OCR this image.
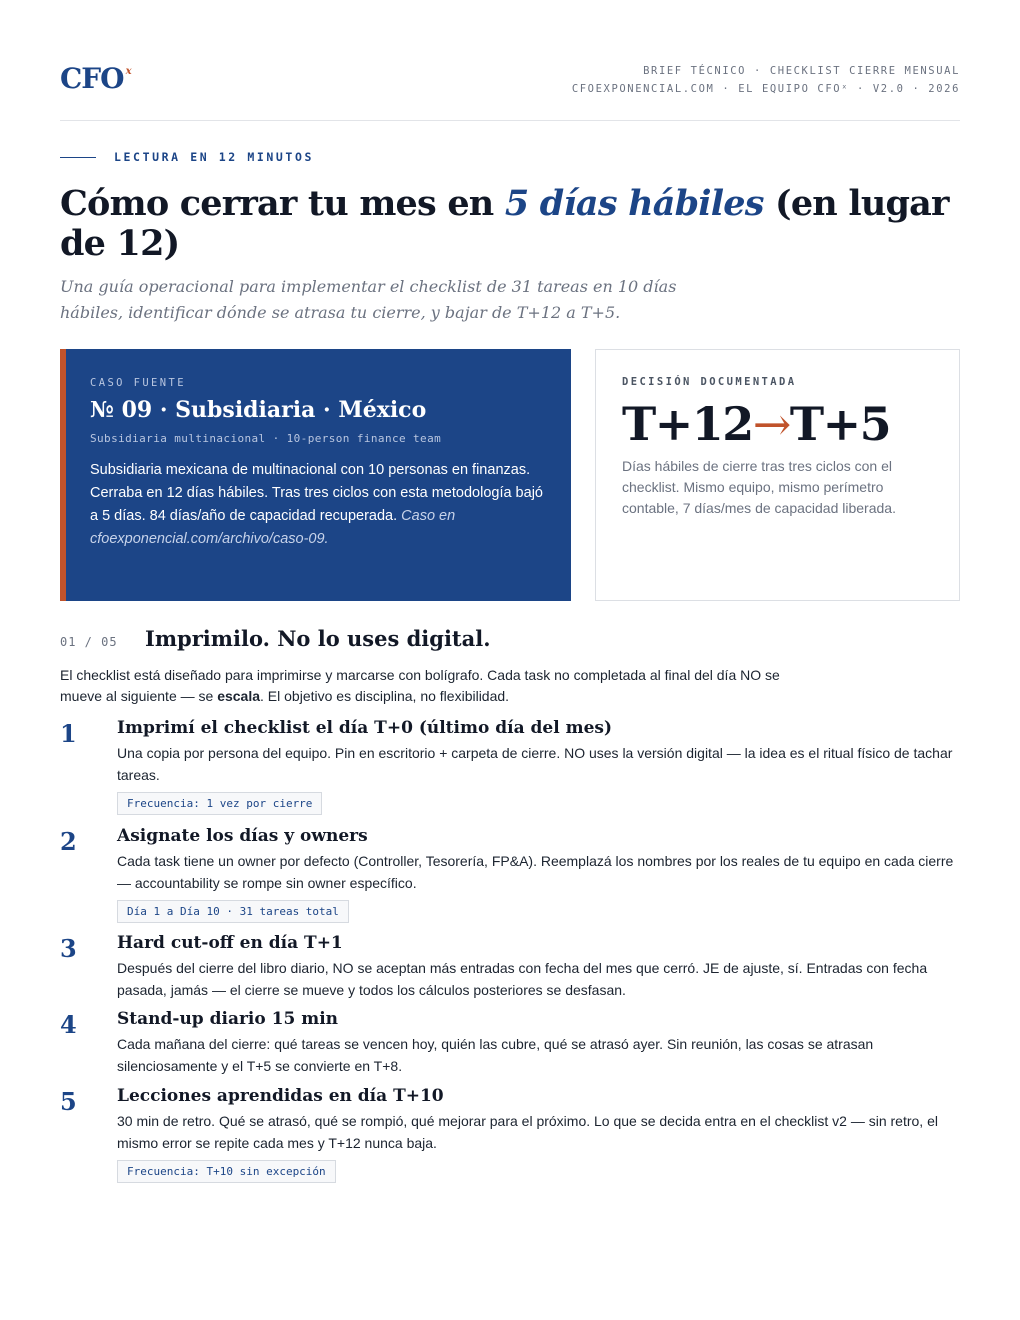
CFO $^x$	BRIEF TÉCNICO · CHECKLIST CIERRE MENSUAL
CFOEXPONENCIAL.COM · EL EQUIPO CFOˣ · V2.0 · 2026
LECTURA EN 12 MINUTOS
Cómo cerrar tu mes en 5 días hábiles (en lugar de 12)

Una guía operacional para implementar el checklist de 31 tareas en 10 días hábiles, identificar dónde se atrasa tu cierre, y bajar de T+12 a T+5.

CASO FUENTE
№ 09 · Subsidiaria · México
Subsidiaria multinacional · 10-person finance team
Subsidiaria mexicana de multinacional con 10 personas en finanzas. Cerraba en 12 días hábiles. Tras tres ciclos con esta metodología bajó a 5 días. 84 días/año de capacidad recuperada. Caso en cfoexponencial.com/archivo/caso-09.
DECISIÓN DOCUMENTADA
T+12→T+5
Días hábiles de cierre tras tres ciclos con el checklist. Mismo equipo, mismo perímetro contable, 7 días/mes de capacidad liberada.
01 / 05	Imprimilo. No lo uses digital.

El checklist está diseñado para imprimirse y marcarse con bolígrafo. Cada task no completada al final del día NO se mueve al siguiente — se escala. El objetivo es disciplina, no flexibilidad.

1 Imprimí el checklist el día T+0 (último día del mes)
Una copia por persona del equipo. Pin en escritorio + carpeta de cierre. NO uses la versión digital — la idea es el ritual físico de tachar tareas.
Frecuencia: 1 vez por cierre
2 Asignate los días y owners
Cada task tiene un owner por defecto (Controller, Tesorería, FP&A). Reemplazá los nombres por los reales de tu equipo en cada cierre — accountability se rompe sin owner específico.
Día 1 a Día 10 · 31 tareas total
3 Hard cut-off en día T+1
Después del cierre del libro diario, NO se aceptan más entradas con fecha del mes que cerró. JE de ajuste, sí. Entradas con fecha pasada, jamás — el cierre se mueve y todos los cálculos posteriores se desfasan.
4 Stand-up diario 15 min
Cada mañana del cierre: qué tareas se vencen hoy, quién las cubre, qué se atrasó ayer. Sin reunión, las cosas se atrasan silenciosamente y el T+5 se convierte en T+8.
5 Lecciones aprendidas en día T+10
30 min de retro. Qué se atrasó, qué se rompió, qué mejorar para el próximo. Lo que se decida entra en el checklist v2 — sin retro, el mismo error se repite cada mes y T+12 nunca baja.
Frecuencia: T+10 sin excepción
